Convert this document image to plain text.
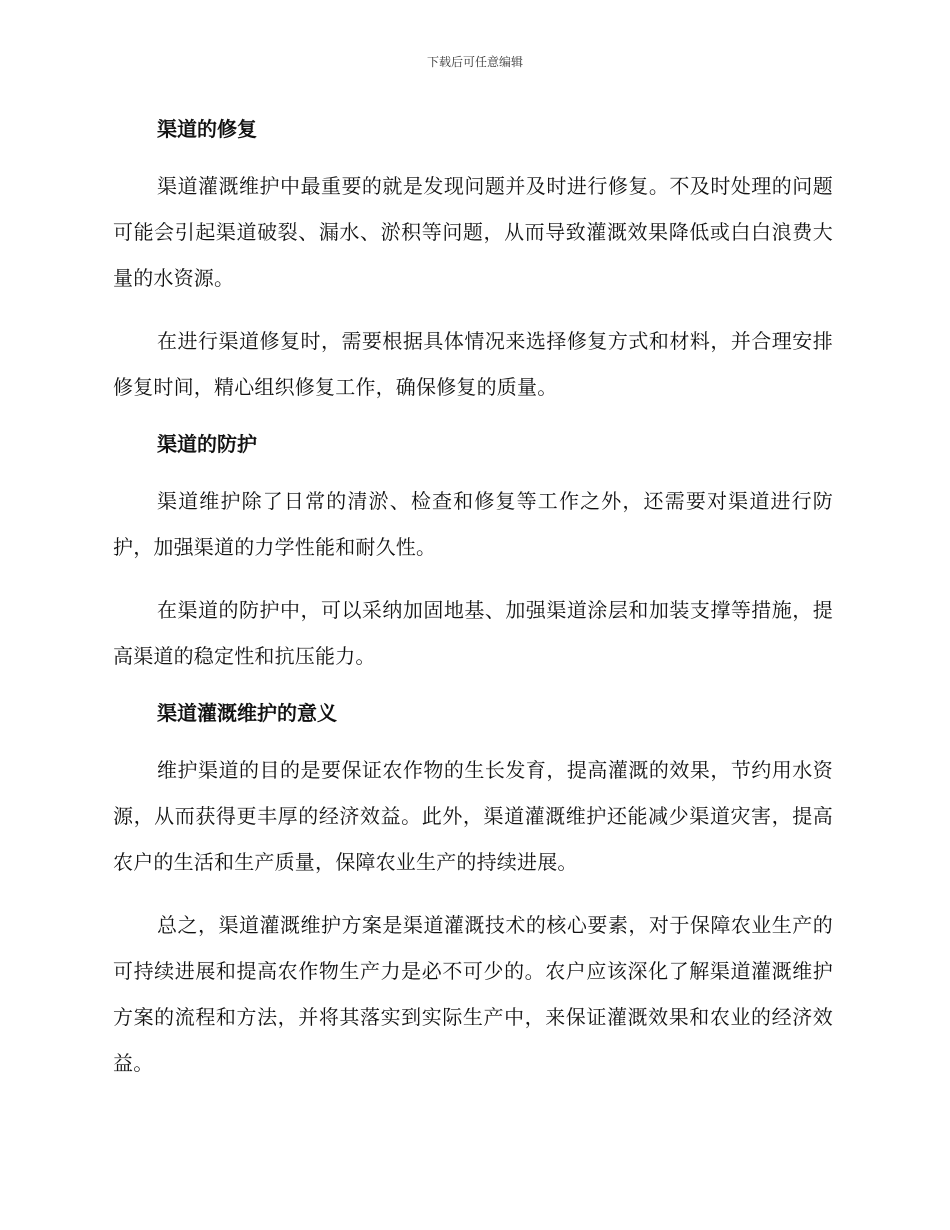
下载后可任意编辑
渠道的修复

渠道灌溉维护中最重要的就是发现问题并及时进行修复。不及时处理的问题可能会引起渠道破裂、漏水、淤积等问题，从而导致灌溉效果降低或白白浪费大量的水资源。

在进行渠道修复时，需要根据具体情况来选择修复方式和材料，并合理安排修复时间，精心组织修复工作，确保修复的质量。

渠道的防护

渠道维护除了日常的清淤、检查和修复等工作之外，还需要对渠道进行防护，加强渠道的力学性能和耐久性。

在渠道的防护中，可以采纳加固地基、加强渠道涂层和加装支撑等措施，提高渠道的稳定性和抗压能力。

渠道灌溉维护的意义

维护渠道的目的是要保证农作物的生长发育，提高灌溉的效果，节约用水资源，从而获得更丰厚的经济效益。此外，渠道灌溉维护还能减少渠道灾害，提高农户的生活和生产质量，保障农业生产的持续进展。

总之，渠道灌溉维护方案是渠道灌溉技术的核心要素，对于保障农业生产的可持续进展和提高农作物生产力是必不可少的。农户应该深化了解渠道灌溉维护方案的流程和方法，并将其落实到实际生产中，来保证灌溉效果和农业的经济效益。
